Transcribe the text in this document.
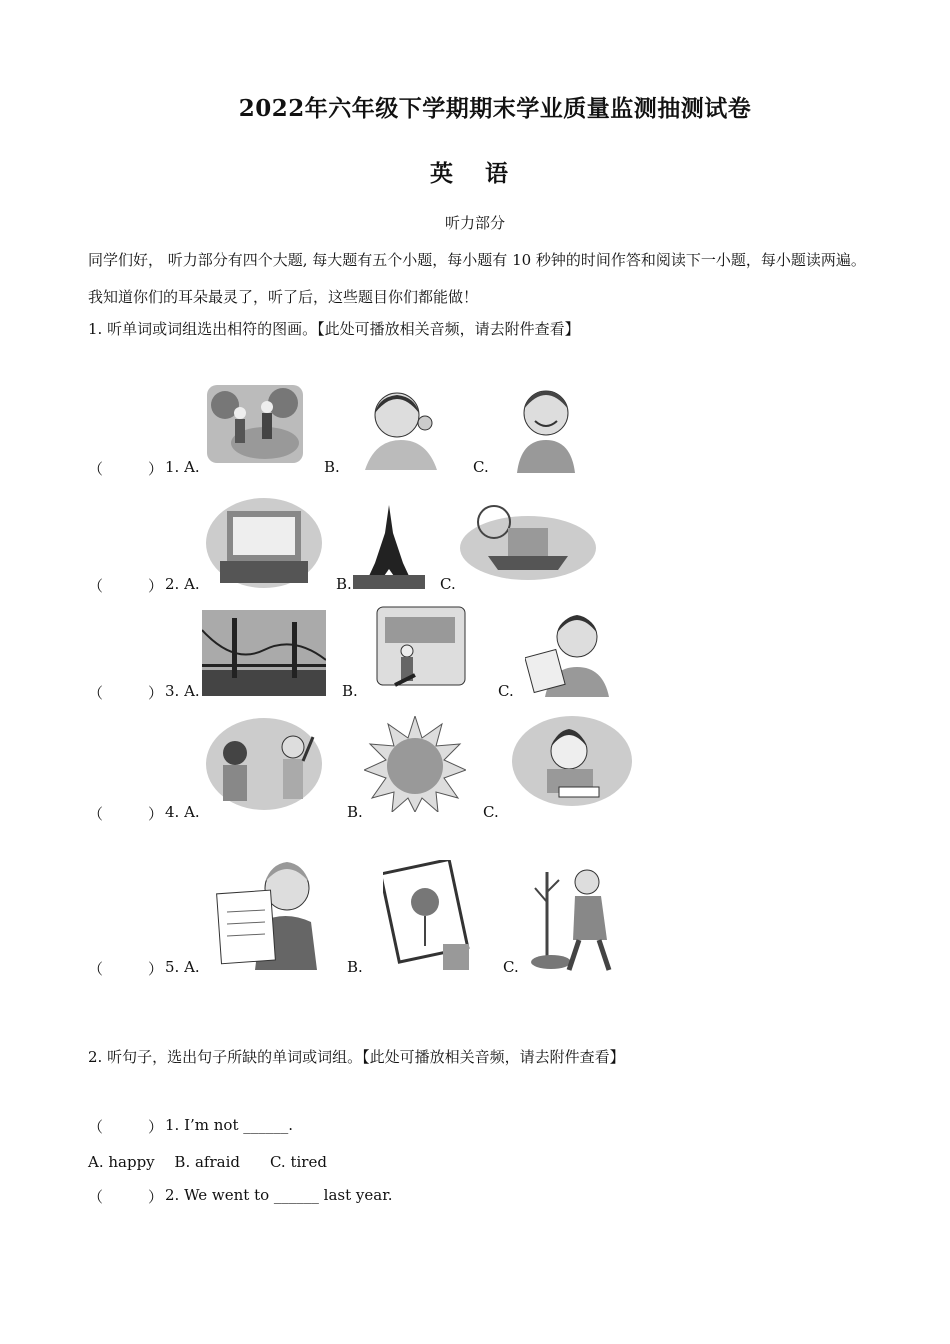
2022年六年级下学期期末学业质量监测抽测试卷
英 语
听力部分
同学们好， 听力部分有四个大题, 每大题有五个小题，每小题有 10 秒钟的时间作答和阅读下一小题，每小题读两遍。我知道你们的耳朵最灵了，听了后，这些题目你们都能做！
1. 听单词或词组选出相符的图画。【此处可播放相关音频，请去附件查看】
（　　　） 1. A.	B.	C.
（　　　） 2. A.	B.	C.
（　　　） 3. A.	B.	C.
（　　　） 4. A.	B.	C.
（　　　） 5. A.	B.	C.
2. 听句子，选出句子所缺的单词或词组。【此处可播放相关音频，请去附件查看】
（　　　） 1. I’m not ______.
A. happy　 B. afraid　　C. tired
（　　　） 2. We went to ______ last year.
